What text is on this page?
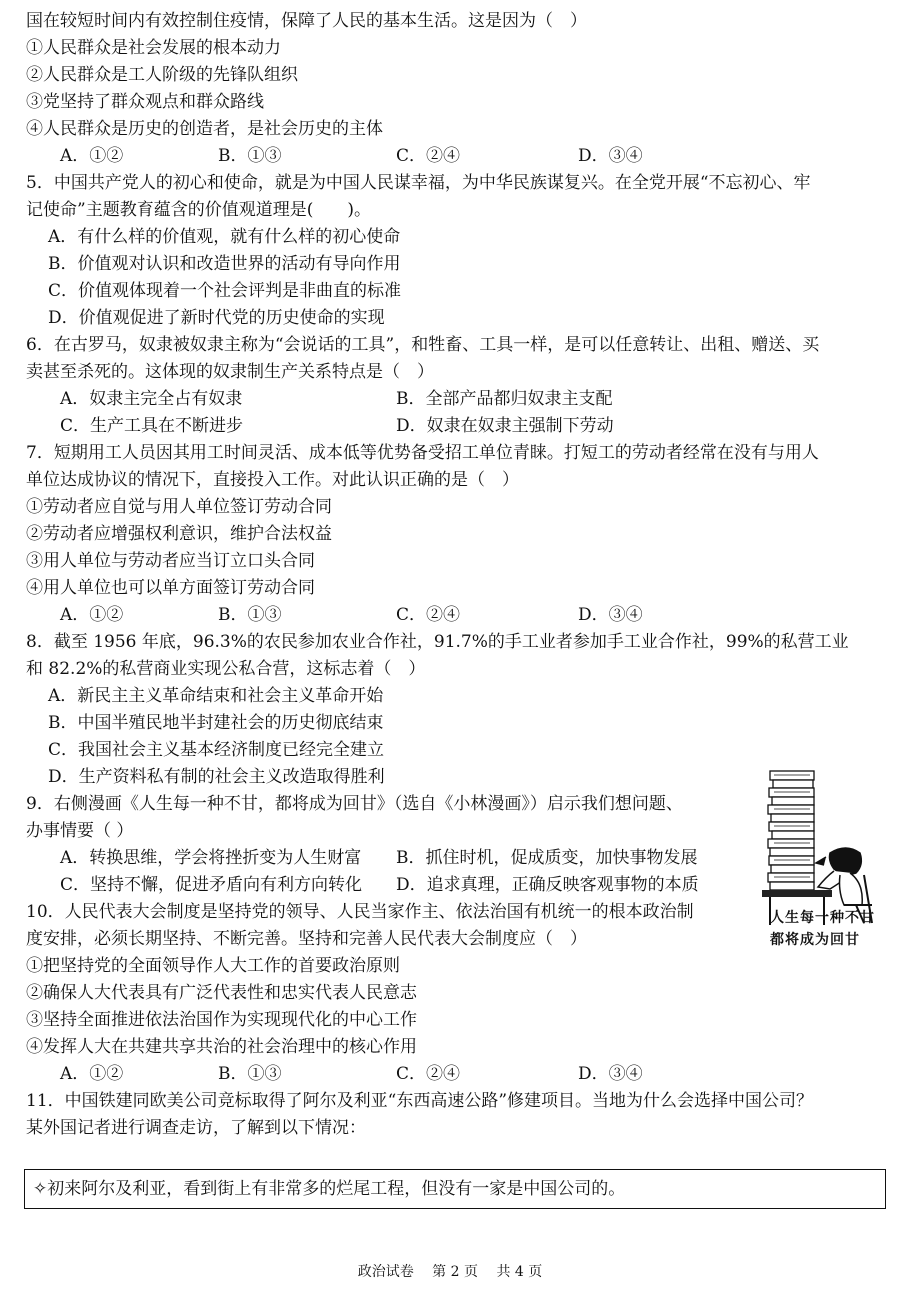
国在较短时间内有效控制住疫情，保障了人民的基本生活。这是因为（　）
①人民群众是社会发展的根本动力
②人民群众是工人阶级的先锋队组织
③党坚持了群众观点和群众路线
④人民群众是历史的创造者，是社会历史的主体
A．①②	B．①③	C．②④	D．③④
5．中国共产党人的初心和使命，就是为中国人民谋幸福，为中华民族谋复兴。在全党开展“不忘初心、牢
记使命”主题教育蕴含的价值观道理是(　　)。
A．有什么样的价值观，就有什么样的初心使命
B．价值观对认识和改造世界的活动有导向作用
C．价值观体现着一个社会评判是非曲直的标准
D．价值观促进了新时代党的历史使命的实现
6．在古罗马，奴隶被奴隶主称为“会说话的工具”，和牲畜、工具一样，是可以任意转让、出租、赠送、买
卖甚至杀死的。这体现的奴隶制生产关系特点是（　）
A．奴隶主完全占有奴隶	B．全部产品都归奴隶主支配
C．生产工具在不断进步	D．奴隶在奴隶主强制下劳动
7．短期用工人员因其用工时间灵活、成本低等优势备受招工单位青睐。打短工的劳动者经常在没有与用人
单位达成协议的情况下，直接投入工作。对此认识正确的是（　）
①劳动者应自觉与用人单位签订劳动合同
②劳动者应增强权利意识，维护合法权益
③用人单位与劳动者应当订立口头合同
④用人单位也可以单方面签订劳动合同
A．①②	B．①③	C．②④	D．③④
8．截至 1956 年底，96.3%的农民参加农业合作社，91.7%的手工业者参加手工业合作社，99%的私营工业
和 82.2%的私营商业实现公私合营，这标志着（　）
A．新民主主义革命结束和社会主义革命开始
B．中国半殖民地半封建社会的历史彻底结束
C．我国社会主义基本经济制度已经完全建立
D．生产资料私有制的社会主义改造取得胜利
9．右侧漫画《人生每一种不甘，都将成为回甘》（选自《小林漫画》）启示我们想问题、
办事情要（ ）
A．转换思维，学会将挫折变为人生财富 B．抓住时机，促成质变，加快事物发展
C．坚持不懈，促进矛盾向有利方向转化 D．追求真理，正确反映客观事物的本质
10．人民代表大会制度是坚持党的领导、人民当家作主、依法治国有机统一的根本政治制
度安排，必须长期坚持、不断完善。坚持和完善人民代表大会制度应（　）
①把坚持党的全面领导作人大工作的首要政治原则
②确保人大代表具有广泛代表性和忠实代表人民意志
③坚持全面推进依法治国作为实现现代化的中心工作
④发挥人大在共建共享共治的社会治理中的核心作用
A．①②	B．①③	C．②④	D．③④
11．中国铁建同欧美公司竞标取得了阿尔及利亚“东西高速公路”修建项目。当地为什么会选择中国公司？
某外国记者进行调查走访，了解到以下情况：
✧初来阿尔及利亚，看到街上有非常多的烂尾工程，但没有一家是中国公司的。
人生每一种不甘
都将成为回甘
政治试卷　 第 2 页　 共 4 页
